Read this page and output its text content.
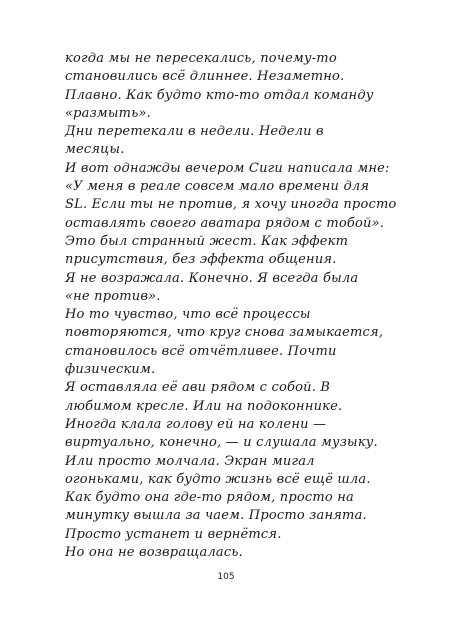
когда мы не пересекались, почему-то
становились всё длиннее. Незаметно.
Плавно. Как будто кто-то отдал команду
«размыть».
Дни перетекали в недели. Недели в
месяцы.
И вот однажды вечером Сиги написала мне:
«У меня в реале совсем мало времени для
SL. Если ты не против, я хочу иногда просто
оставлять своего аватара рядом с тобой».
Это был странный жест. Как эффект
присутствия, без эффекта общения.
Я не возражала. Конечно. Я всегда была
«не против».
Но то чувство, что всё процессы
повторяются, что круг снова замыкается,
становилось всё отчётливее. Почти
физическим.
Я оставляла её ави рядом с собой. В
любимом кресле. Или на подоконнике.
Иногда клала голову ей на колени —
виртуально, конечно, — и слушала музыку.
Или просто молчала. Экран мигал
огоньками, как будто жизнь всё ещё шла.
Как будто она где-то рядом, просто на
минутку вышла за чаем. Просто занята.
Просто устанет и вернётся.
Но она не возвращалась.
105
